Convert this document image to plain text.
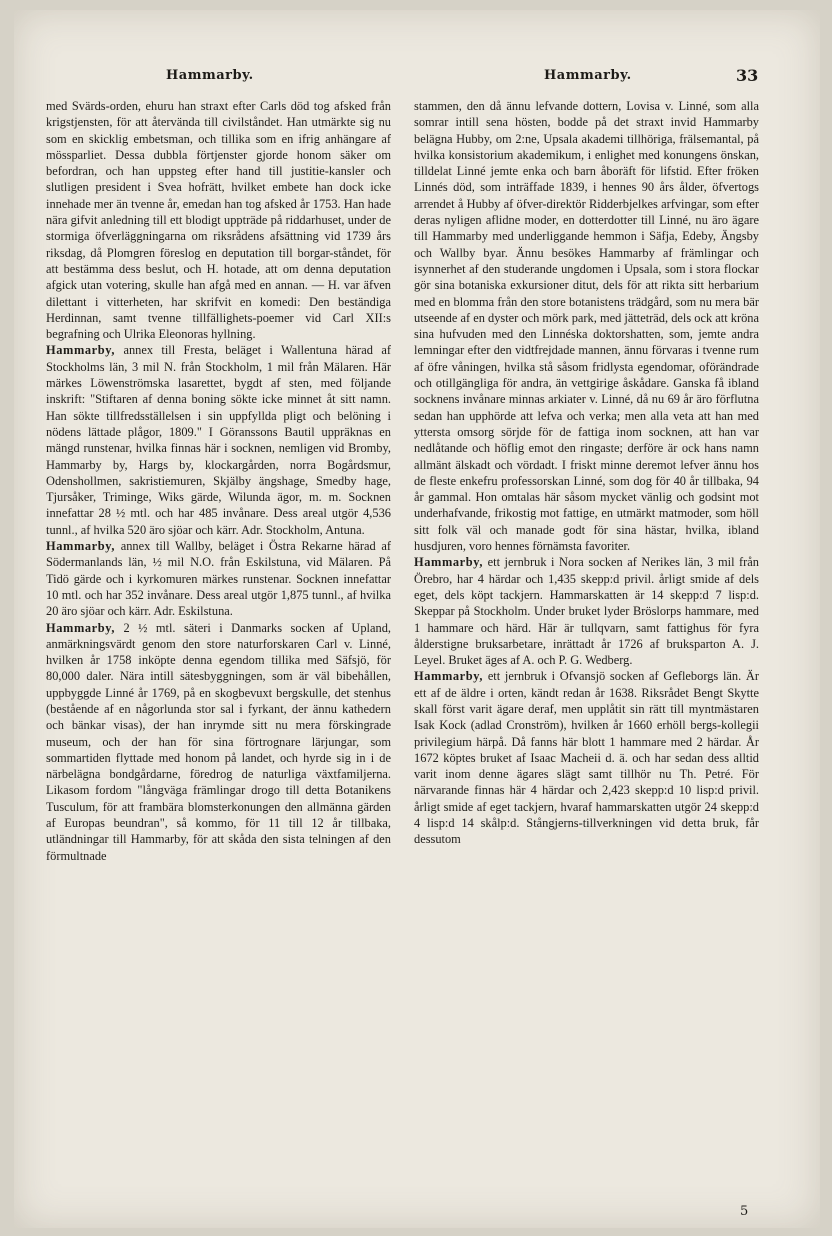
Hammarby.	Hammarby.	33

med Svärds-orden, ehuru han straxt efter Carls död tog afsked från krigstjensten, för att återvända till civilståndet. Han utmärkte sig nu som en skicklig embetsman, och tillika som en ifrig anhängare af mössparliet. Dessa dubbla förtjenster gjorde honom säker om befordran, och han uppsteg efter hand till justitie-kansler och slutligen president i Svea hofrätt, hvilket embete han dock icke innehade mer än tvenne år, emedan han tog afsked år 1753. Han hade nära gifvit anledning till ett blodigt uppträde på riddarhuset, under de stormiga öfverläggningarna om riksrådens afsättning vid 1739 års riksdag, då Plomgren föreslog en deputation till borgar-ståndet, för att bestämma dess beslut, och H. hotade, att om denna deputation afgick utan votering, skulle han afgå med en annan. — H. var äfven dilettant i vitterheten, har skrifvit en komedi: Den beständiga Herdinnan, samt tvenne tillfällighets-poemer vid Carl XII:s begrafning och Ulrika Eleonoras hyllning.

Hammarby, annex till Fresta, beläget i Wallentuna härad af Stockholms län, 3 mil N. från Stockholm, 1 mil från Mälaren. Här märkes Löwenströmska lasarettet, bygdt af sten, med följande inskrift: "Stiftaren af denna boning sökte icke minnet åt sitt namn. Han sökte tillfredsställelsen i sin uppfyllda pligt och belöning i nödens lättade plågor, 1809." I Göranssons Bautil uppräknas en mängd runstenar, hvilka finnas här i socknen, nemligen vid Bromby, Hammarby by, Hargs by, klockargården, norra Bogårdsmur, Odenshollmen, sakristiemuren, Skjälby ängshage, Smedby hage, Tjursåker, Triminge, Wiks gärde, Wilunda ägor, m. m. Socknen innefattar 28 ½ mtl. och har 485 invånare. Dess areal utgör 4,536 tunnl., af hvilka 520 äro sjöar och kärr. Adr. Stockholm, Antuna.

Hammarby, annex till Wallby, beläget i Östra Rekarne härad af Södermanlands län, ½ mil N.O. från Eskilstuna, vid Mälaren. På Tidö gärde och i kyrkomuren märkes runstenar. Socknen innefattar 10 mtl. och har 352 invånare. Dess areal utgör 1,875 tunnl., af hvilka 20 äro sjöar och kärr. Adr. Eskilstuna.

Hammarby, 2 ½ mtl. säteri i Danmarks socken af Upland, anmärkningsvärdt genom den store naturforskaren Carl v. Linné, hvilken år 1758 inköpte denna egendom tillika med Säfsjö, för 80,000 daler. Nära intill sätesbyggningen, som är väl bibehållen, uppbyggde Linné år 1769, på en skogbevuxt bergskulle, det stenhus (bestående af en någorlunda stor sal i fyrkant, der ännu kathedern och bänkar visas), der han inrymde sitt nu mera förskingrade museum, och der han för sina förtrognare lärjungar, som sommartiden flyttade med honom på landet, och hyrde sig in i de närbelägna bondgårdarne, föredrog de naturliga växtfamiljerna. Likasom fordom "långväga främlingar drogo till detta Botanikens Tusculum, för att frambära blomsterkonungen den allmänna gärden af Europas beundran", så kommo, för 11 till 12 år tillbaka, utländningar till Hammarby, för att skåda den sista telningen af den förmultnade

stammen, den då ännu lefvande dottern, Lovisa v. Linné, som alla somrar intill sena hösten, bodde på det straxt invid Hammarby belägna Hubby, om 2:ne, Upsala akademi tillhöriga, frälsemantal, på hvilka konsistorium akademikum, i enlighet med konungens önskan, tilldelat Linné jemte enka och barn åboräft för lifstid. Efter fröken Linnés död, som inträffade 1839, i hennes 90 års ålder, öfvertogs arrendet å Hubby af öfver-direktör Ridderbjelkes arfvingar, som efter deras nyligen aflidne moder, en dotterdotter till Linné, nu äro ägare till Hammarby med underliggande hemmon i Säfja, Edeby, Ängsby och Wallby byar. Ännu besökes Hammarby af främlingar och isynnerhet af den studerande ungdomen i Upsala, som i stora flockar gör sina botaniska exkursioner ditut, dels för att rikta sitt herbarium med en blomma från den store botanistens trädgård, som nu mera bär utseende af en dyster och mörk park, med jätteträd, dels ock att kröna sina hufvuden med den Linnéska doktorshatten, som, jemte andra lemningar efter den vidtfrejdade mannen, ännu förvaras i tvenne rum af öfre våningen, hvilka stå såsom fridlysta egendomar, oförändrade och otillgängliga för andra, än vettgirige åskådare. Ganska få ibland socknens invånare minnas arkiater v. Linné, då nu 69 år äro förflutna sedan han upphörde att lefva och verka; men alla veta att han med yttersta omsorg sörjde för de fattiga inom socknen, att han var nedlåtande och höflig emot den ringaste; derföre är ock hans namn allmänt älskadt och vördadt. I friskt minne deremot lefver ännu hos de fleste enkefru professorskan Linné, som dog för 40 år tillbaka, 94 år gammal. Hon omtalas här såsom mycket vänlig och godsint mot underhafvande, frikostig mot fattige, en utmärkt matmoder, som höll sitt folk väl och manade godt för sina hästar, hvilka, ibland husdjuren, voro hennes förnämsta favoriter.

Hammarby, ett jernbruk i Nora socken af Nerikes län, 3 mil från Örebro, har 4 härdar och 1,435 skepp:d privil. årligt smide af dels eget, dels köpt tackjern. Hammarskatten är 14 skepp:d 7 lisp:d. Skeppar på Stockholm. Under bruket lyder Bröslorps hammare, med 1 hammare och härd. Här är tullqvarn, samt fattighus för fyra ålderstigne bruksarbetare, inrättadt år 1726 af bruksparton A. J. Leyel. Bruket äges af A. och P. G. Wedberg.

Hammarby, ett jernbruk i Ofvansjö socken af Gefleborgs län. Är ett af de äldre i orten, kändt redan år 1638. Riksrådet Bengt Skytte skall först varit ägare deraf, men upplåtit sin rätt till myntmästaren Isak Kock (adlad Cronström), hvilken år 1660 erhöll bergs-kollegii privilegium härpå. Då fanns här blott 1 hammare med 2 härdar. År 1672 köptes bruket af Isaac Macheii d. ä. och har sedan dess alltid varit inom denne ägares slägt samt tillhör nu Th. Petré. För närvarande finnas här 4 härdar och 2,423 skepp:d 10 lisp:d privil. årligt smide af eget tackjern, hvaraf hammarskatten utgör 24 skepp:d 4 lisp:d 14 skålp:d. Stångjerns-tillverkningen vid detta bruk, får dessutom

5
